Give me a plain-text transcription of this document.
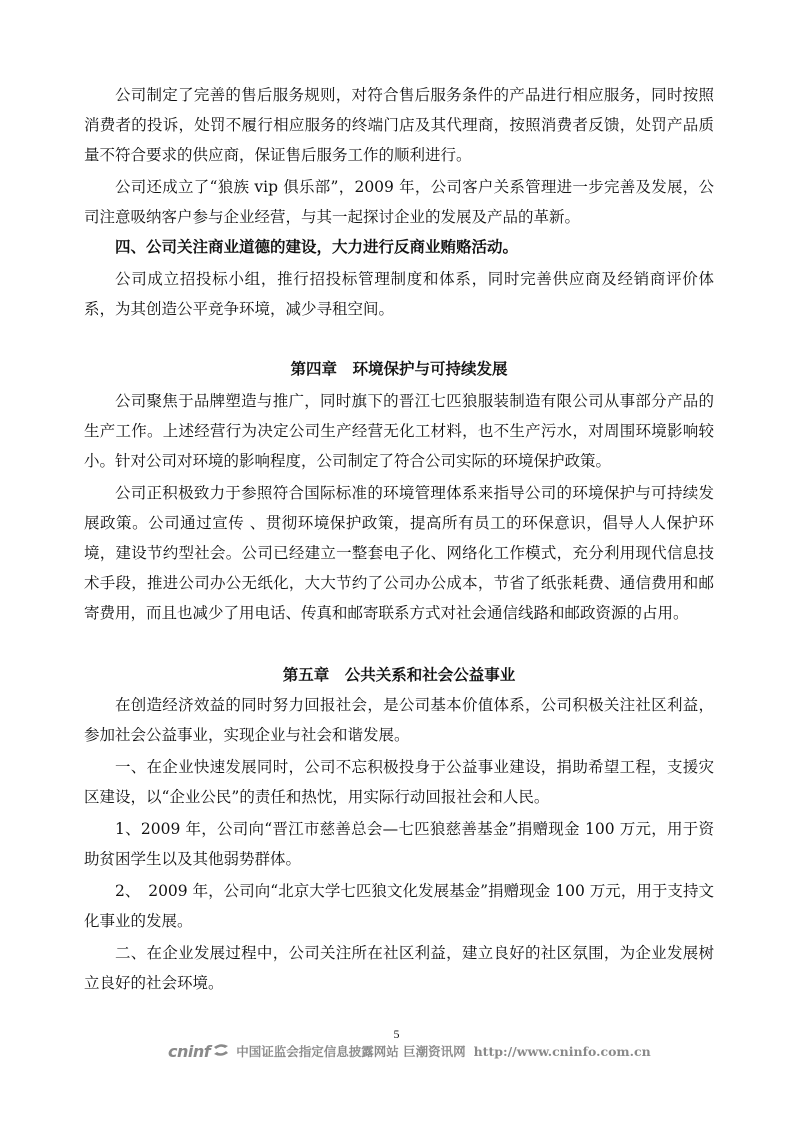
公司制定了完善的售后服务规则，对符合售后服务条件的产品进行相应服务，同时按照消费者的投诉，处罚不履行相应服务的终端门店及其代理商，按照消费者反馈，处罚产品质量不符合要求的供应商，保证售后服务工作的顺利进行。

公司还成立了“狼族 vip 俱乐部”，2009 年，公司客户关系管理进一步完善及发展，公司注意吸纳客户参与企业经营，与其一起探讨企业的发展及产品的革新。

四、公司关注商业道德的建设，大力进行反商业贿赂活动。

公司成立招投标小组，推行招投标管理制度和体系，同时完善供应商及经销商评价体系，为其创造公平竞争环境，减少寻租空间。

第四章　环境保护与可持续发展

公司聚焦于品牌塑造与推广，同时旗下的晋江七匹狼服装制造有限公司从事部分产品的生产工作。上述经营行为决定公司生产经营无化工材料，也不生产污水，对周围环境影响较小。针对公司对环境的影响程度，公司制定了符合公司实际的环境保护政策。

公司正积极致力于参照符合国际标准的环境管理体系来指导公司的环境保护与可持续发展政策。公司通过宣传 、贯彻环境保护政策，提高所有员工的环保意识，倡导人人保护环境，建设节约型社会。公司已经建立一整套电子化、网络化工作模式，充分利用现代信息技术手段，推进公司办公无纸化，大大节约了公司办公成本，节省了纸张耗费、通信费用和邮寄费用，而且也减少了用电话、传真和邮寄联系方式对社会通信线路和邮政资源的占用。

第五章　公共关系和社会公益事业

在创造经济效益的同时努力回报社会，是公司基本价值体系，公司积极关注社区利益，参加社会公益事业，实现企业与社会和谐发展。

一、在企业快速发展同时，公司不忘积极投身于公益事业建设，捐助希望工程，支援灾区建设，以“企业公民”的责任和热忱，用实际行动回报社会和人民。

1、2009 年，公司向“晋江市慈善总会—七匹狼慈善基金”捐赠现金 100 万元，用于资助贫困学生以及其他弱势群体。

2、　2009 年，公司向“北京大学七匹狼文化发展基金”捐赠现金 100 万元，用于支持文化事业的发展。

二、在企业发展过程中，公司关注所在社区利益，建立良好的社区氛围，为企业发展树立良好的社会环境。

5
cninf 中国证监会指定信息披露网站 巨潮资讯网 http://www.cninfo.com.cn
